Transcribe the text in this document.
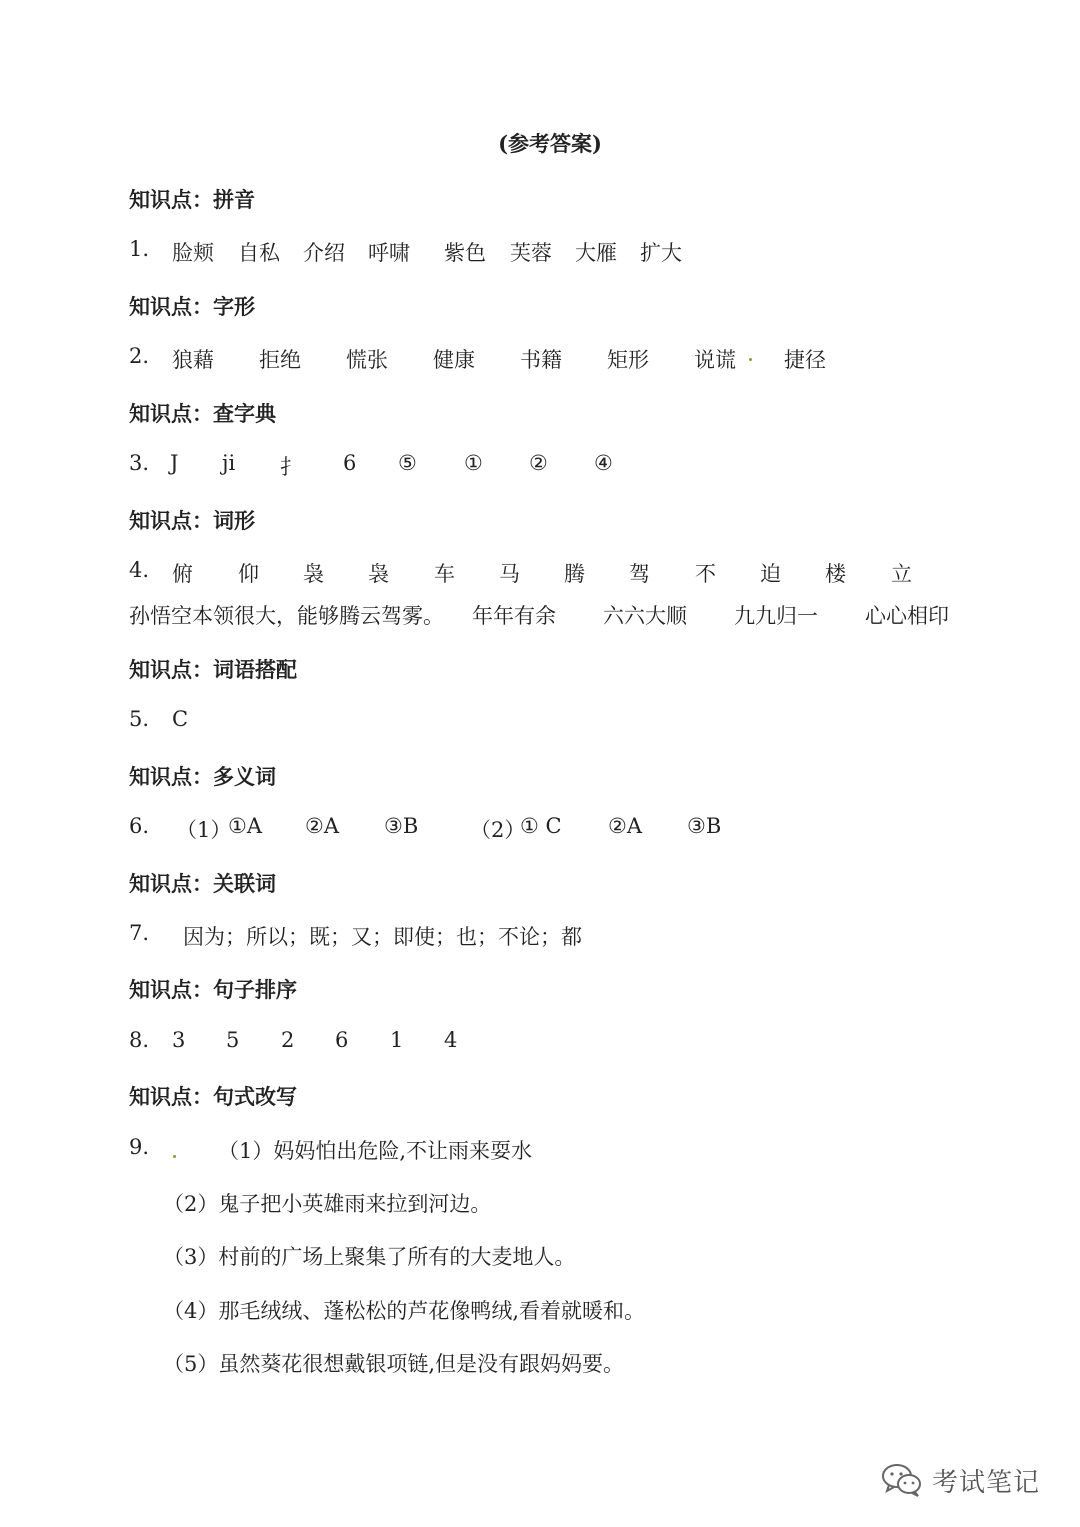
(参考答案)
知识点：拼音
1. 脸颊 自私 介绍 呼啸 紫色 芙蓉 大雁 扩大
知识点：字形
2. 狼藉 拒绝 慌张 健康 书籍 矩形 说谎 捷径
知识点：查字典
3. J ji 扌 6 ⑤ ① ② ④
知识点：词形
4. 俯 仰 袅 袅 车 马 腾 驾 不 迫 楼 立
孙悟空本领很大，能够腾云驾雾。 年年有余 六六大顺 九九归一 心心相印
知识点：词语搭配
5. C
知识点：多义词
6. （1）
①A ②A ③B （2）
① C ②A ③B
知识点：关联词
7. 因为；所以；既；又；即使；也；不论；都
知识点：句子排序
8. 3 5 2 6 1 4
知识点：句式改写
9.	（1）妈妈怕出危险,不让雨来耍水
（2）鬼子把小英雄雨来拉到河边。
（3）村前的广场上聚集了所有的大麦地人。
（4）那毛绒绒、蓬松松的芦花像鸭绒,看着就暖和。
（5）虽然葵花很想戴银项链,但是没有跟妈妈要。
考试笔记
